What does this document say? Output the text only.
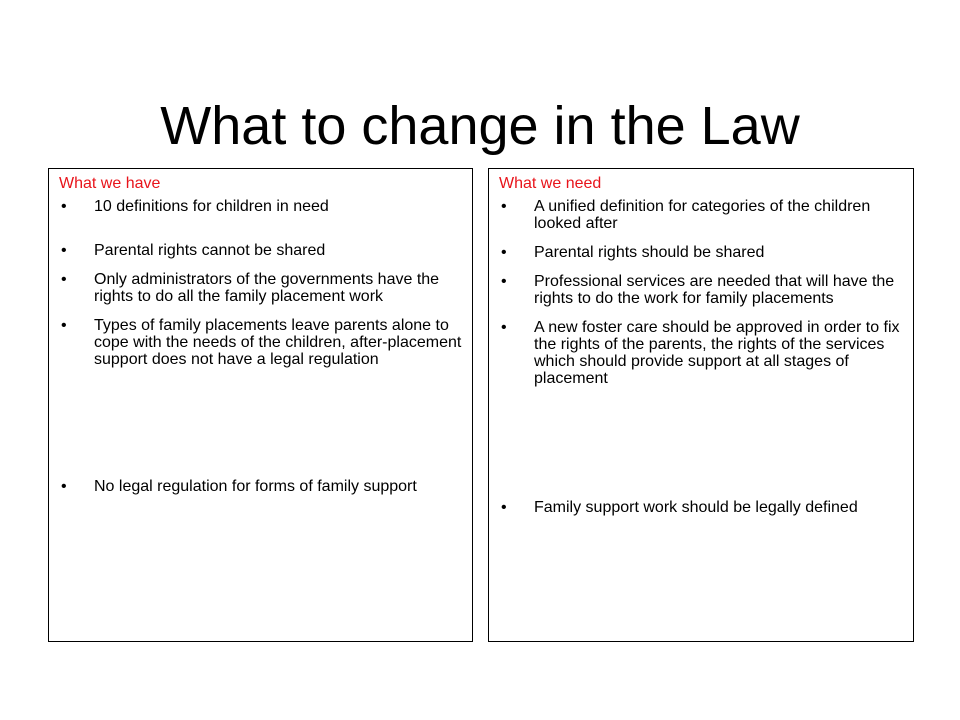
What to change in the Law
What we have
• 10 definitions for children in need
• Parental rights cannot be shared
• Only administrators of the governments have the rights to do all the family placement work
• Types of family placements leave parents alone to cope with the needs of the children, after-placement support does not have a legal regulation
• No legal regulation for forms of family support
What we need
• A unified definition for categories of the children looked after
• Parental rights should be shared
• Professional services are needed that will have the rights to do the work for family placements
• A new foster care should be approved in order to fix the rights of the parents, the rights of the services which should provide support at all stages of placement
• Family support work should be legally defined
